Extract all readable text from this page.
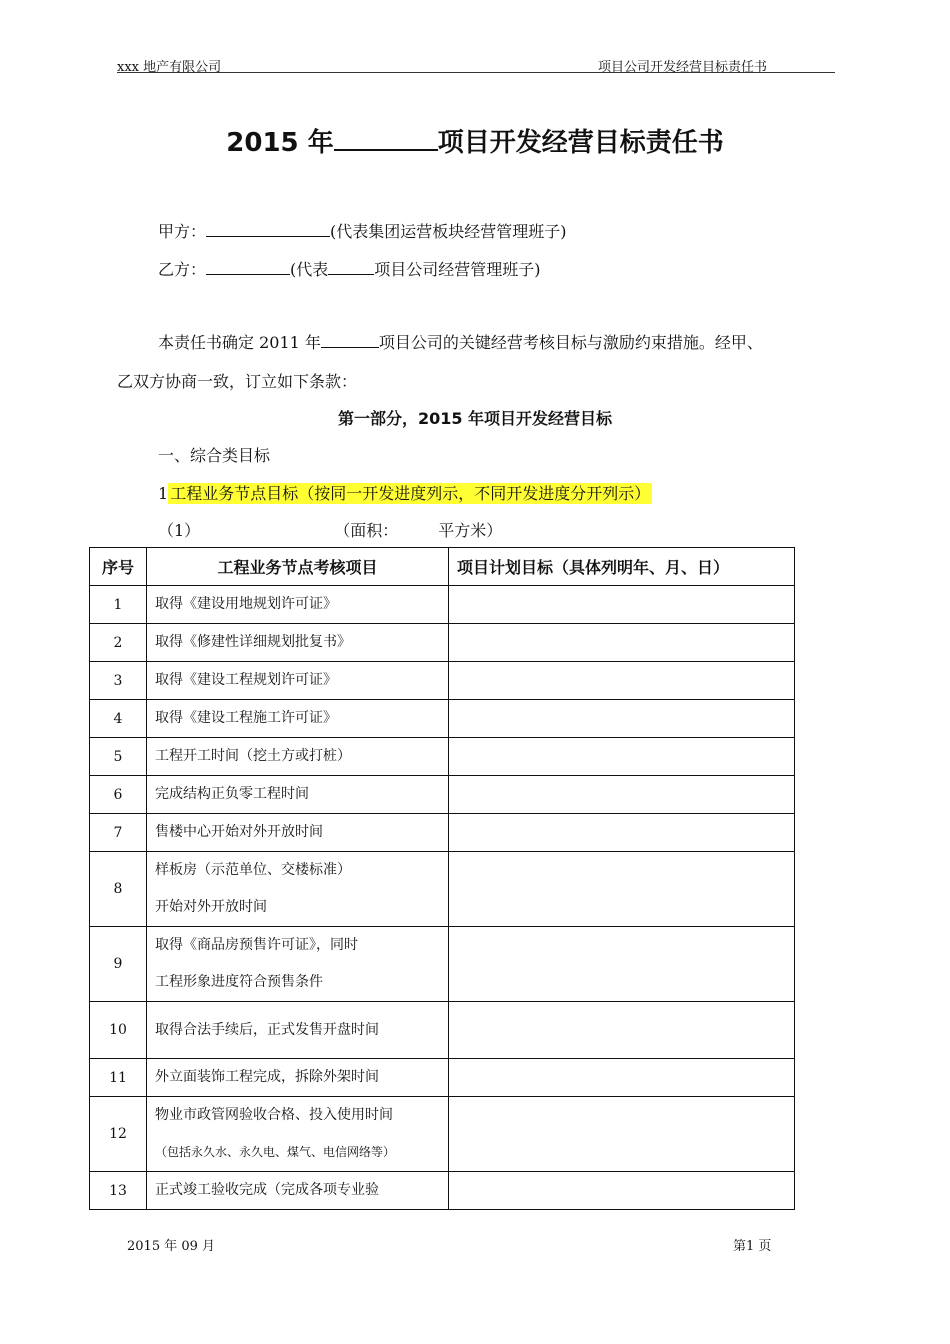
xxx 地产有限公司	项目公司开发经营目标责任书
2015 年	项目开发经营目标责任书
甲方：	(代表集团运营板块经营管理班子)
乙方：	(代表	项目公司经营管理班子)
本责任书确定 2011 年	项目公司的关键经营考核目标与激励约束措施。经甲、
乙双方协商一致，订立如下条款：
第一部分，2015 年项目开发经营目标
一、综合类目标
1 工程业务节点目标（按同一开发进度列示，不同开发进度分开列示）
（1）	（面积：	平方米）
序号	工程业务节点考核项目	项目计划目标（具体列明年、月、日）
1	取得《建设用地规划许可证》	

2	取得《修建性详细规划批复书》	

3	取得《建设工程规划许可证》	

4	取得《建设工程施工许可证》	

5	工程开工时间（挖土方或打桩）	

6	完成结构正负零工程时间	

7	售楼中心开始对外开放时间	

8	样板房（示范单位、交楼标准）
开始对外开放时间	

9	取得《商品房预售许可证》，同时
工程形象进度符合预售条件	

10	取得合法手续后，正式发售开盘时间	

11	外立面装饰工程完成，拆除外架时间	

12	物业市政管网验收合格、投入使用时间
（包括永久水、永久电、煤气、电信网络等）	

13	正式竣工验收完成（完成各项专业验	

2015 年 09 月	第1 页
